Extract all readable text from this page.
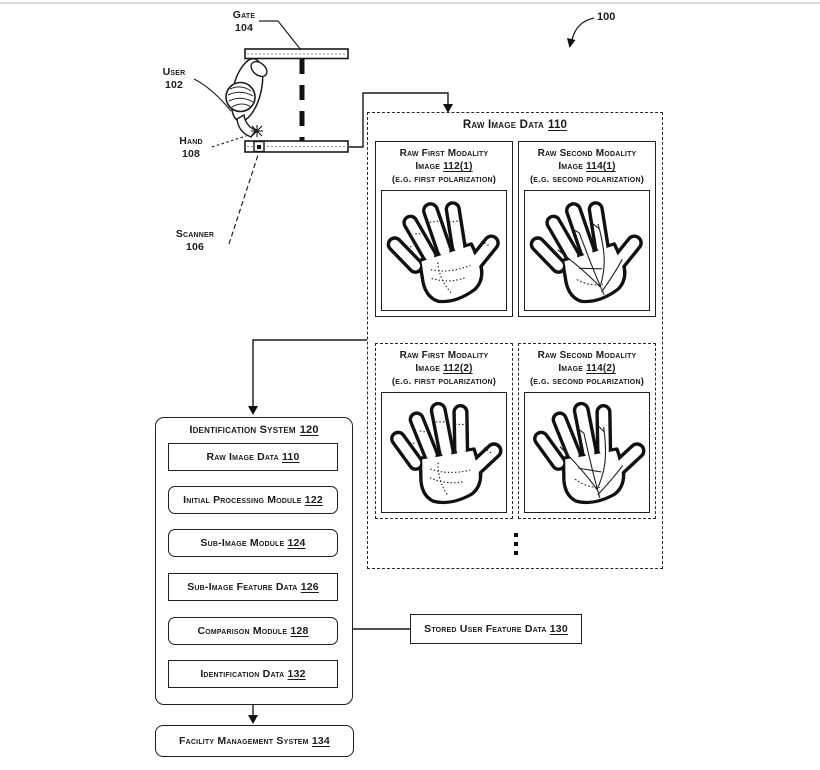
Gate
104
User
102
Hand
108
Scanner
106
100
Raw Image Data 110
Raw First Modality
Image 112(1)
(e.g. first polarization)
Raw Second Modality
Image 114(1)
(e.g. second polarization)
Raw First Modality
Image 112(2)
(e.g. first polarization)
Raw Second Modality
Image 114(2)
(e.g. second polarization)
Identification System 120
Raw Image Data
110
Initial Processing Module
122
Sub-Image Module
124
Sub-Image Feature Data
126
Comparison Module
128
Identification Data
132
Stored User Feature Data
130
Facility Management System
134
